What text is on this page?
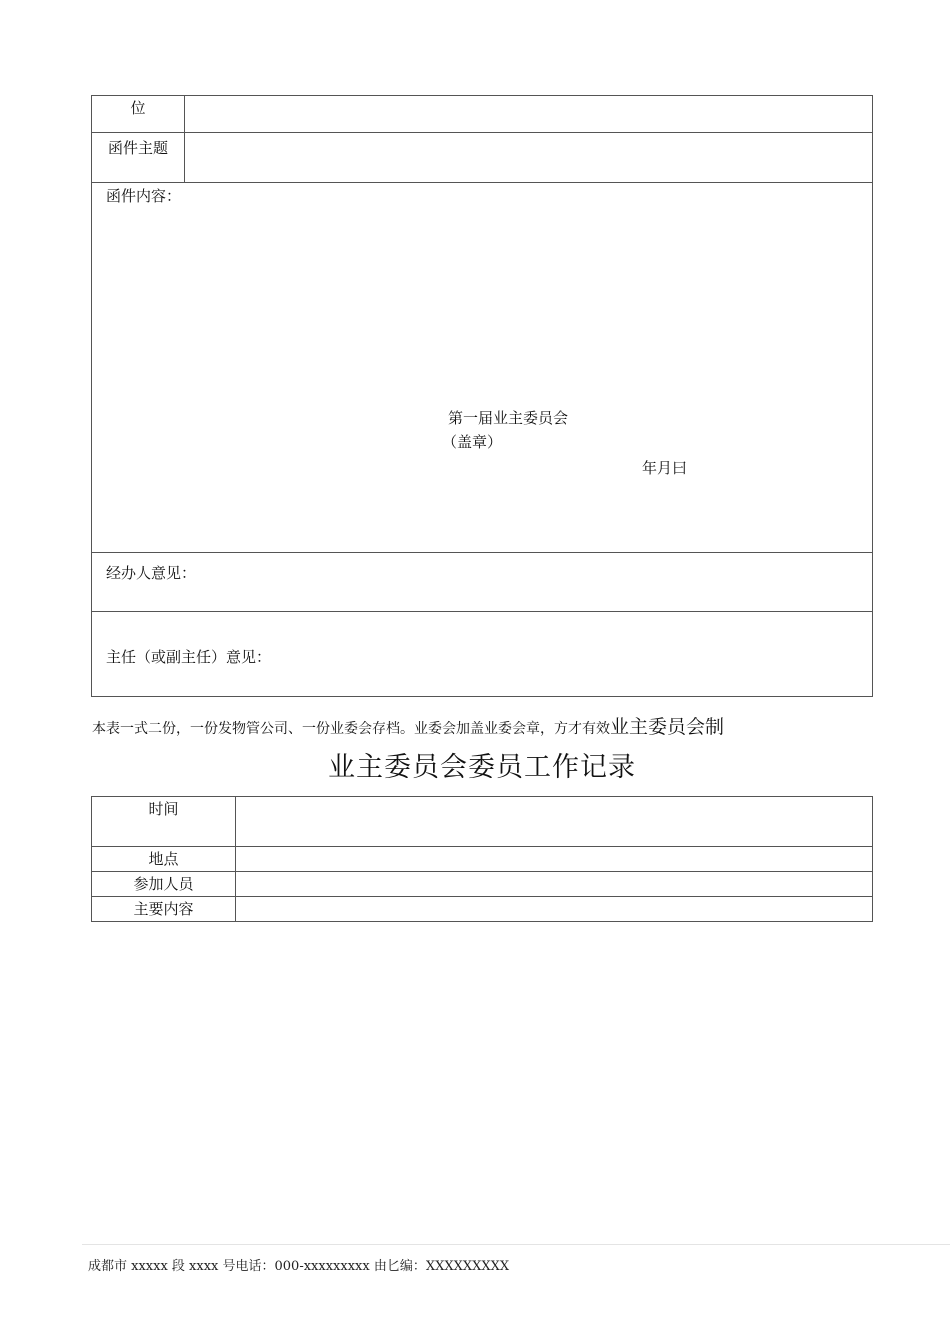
位	

函件主题	

函件内容：
第一届业主委员会
（盖章）
年月曰	

经办人意见：	

主任（或副主任）意见：	
本表一式二份，一份发物管公司、一份业委会存档。业委会加盖业委会章，方才有效业主委员会制
业主委员会委员工作记录
时间	

地点	

参加人员	

主要内容	

成都市 xxxxx 段 xxxx 号电话：000-xxxxxxxxx 由匕编：XXXXXXXXX
